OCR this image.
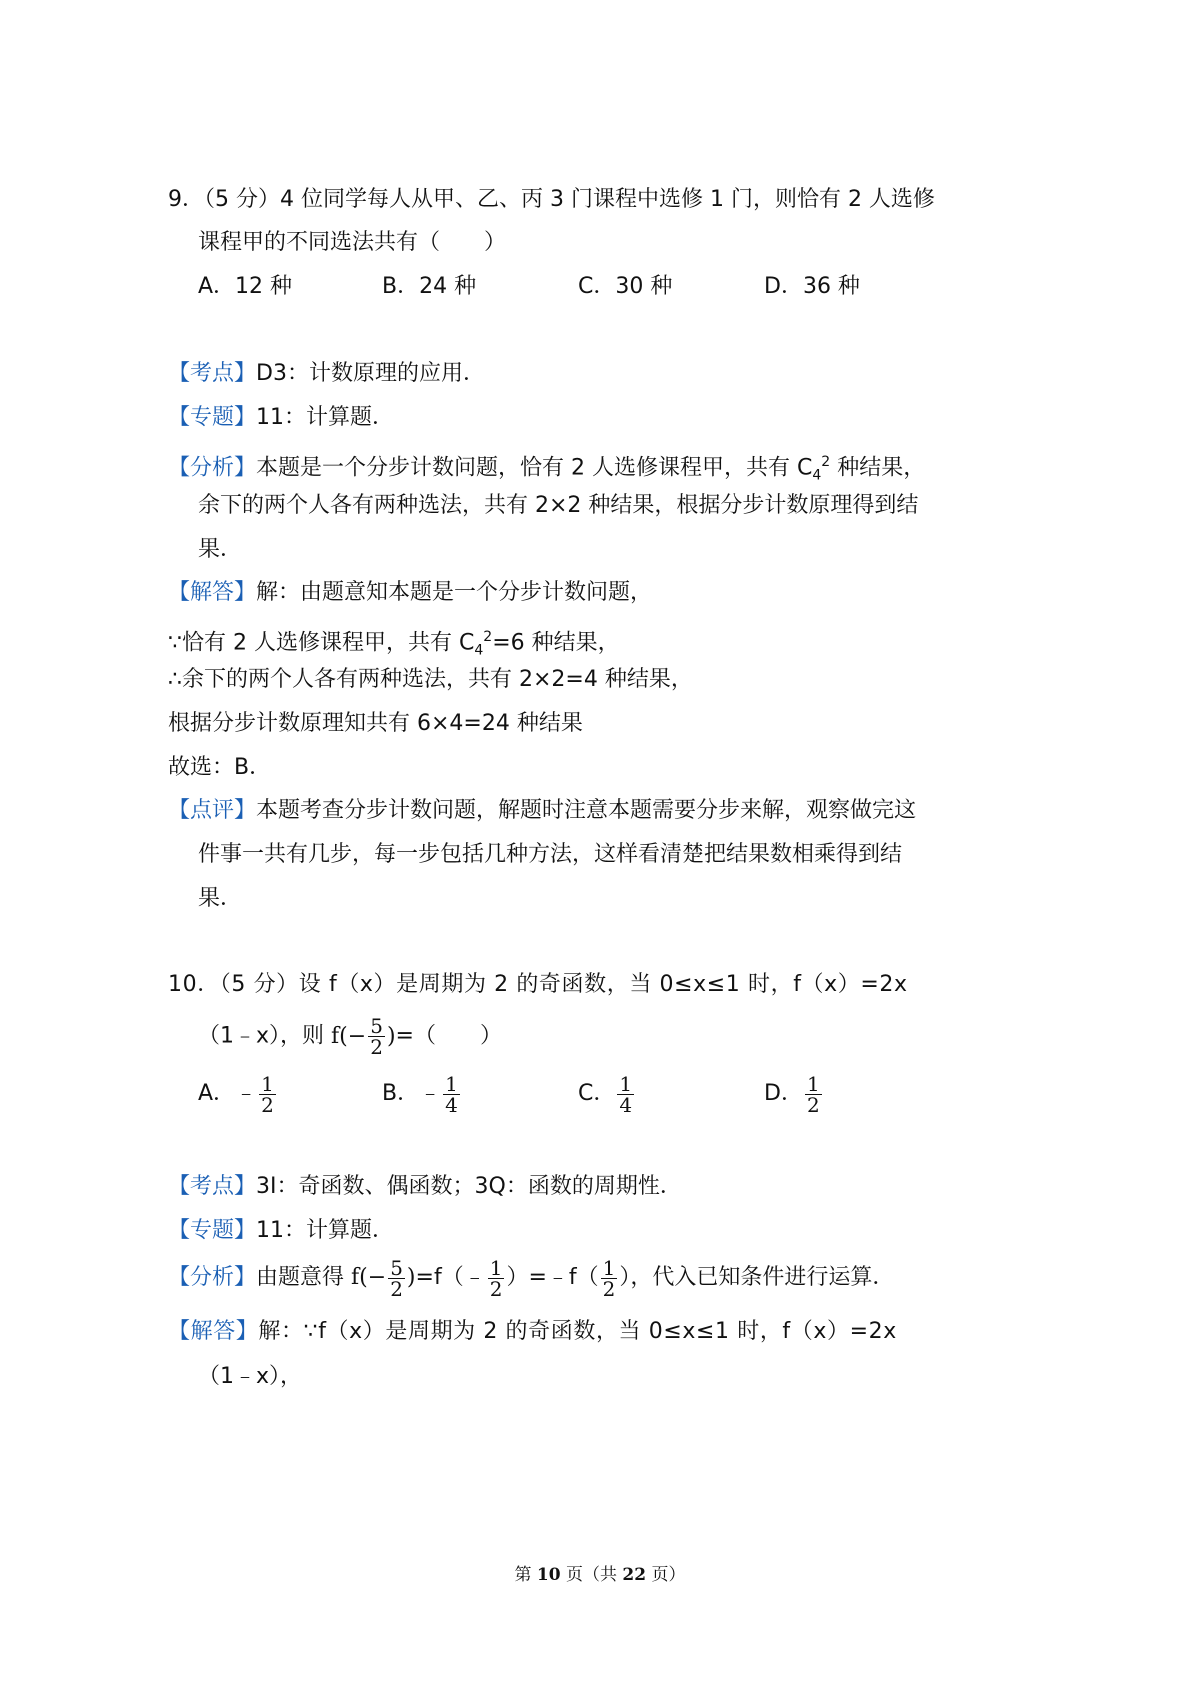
9．（5 分）4 位同学每人从甲、乙、丙 3 门课程中选修 1 门，则恰有 2 人选修
课程甲的不同选法共有（　　）
A．12 种	B．24 种	C．30 种	D．36 种
【考点】D3：计数原理的应用．
【专题】11：计算题．
【分析】本题是一个分步计数问题，恰有 2 人选修课程甲，共有 $C_4^2$ 种结果，
余下的两个人各有两种选法，共有 2×2 种结果，根据分步计数原理得到结
果．
【解答】解：由题意知本题是一个分步计数问题，
∵恰有 2 人选修课程甲，共有 $C_4^2=6$ 种结果，
∴余下的两个人各有两种选法，共有 2×2=4 种结果，
根据分步计数原理知共有 6×4=24 种结果
故选：B．
【点评】本题考查分步计数问题，解题时注意本题需要分步来解，观察做完这
件事一共有几步，每一步包括几种方法，这样看清楚把结果数相乘得到结
果．
10．（5 分）设 f（x）是周期为 2 的奇函数，当 0≤x≤1 时，f（x）=2x
（1﹣x），则 $f(- \frac{5}{2}$ )=（　　）
A．﹣ $\frac{1}{2}$	B．﹣ $\frac{1}{4}$	C． $\frac{1}{4}$	D． $\frac{1}{2}$
【考点】3I：奇函数、偶函数；3Q：函数的周期性．
【专题】11：计算题．
【分析】由题意得 $f(- \frac{5}{2}$ )=f（﹣ $\frac{1}{2}$ ）=﹣f（ $\frac{1}{2}$ ），代入已知条件进行运算．
【解答】解：∵f（x）是周期为 2 的奇函数，当 0≤x≤1 时，f（x）=2x
（1﹣x），
第 10 页（共 22 页）
